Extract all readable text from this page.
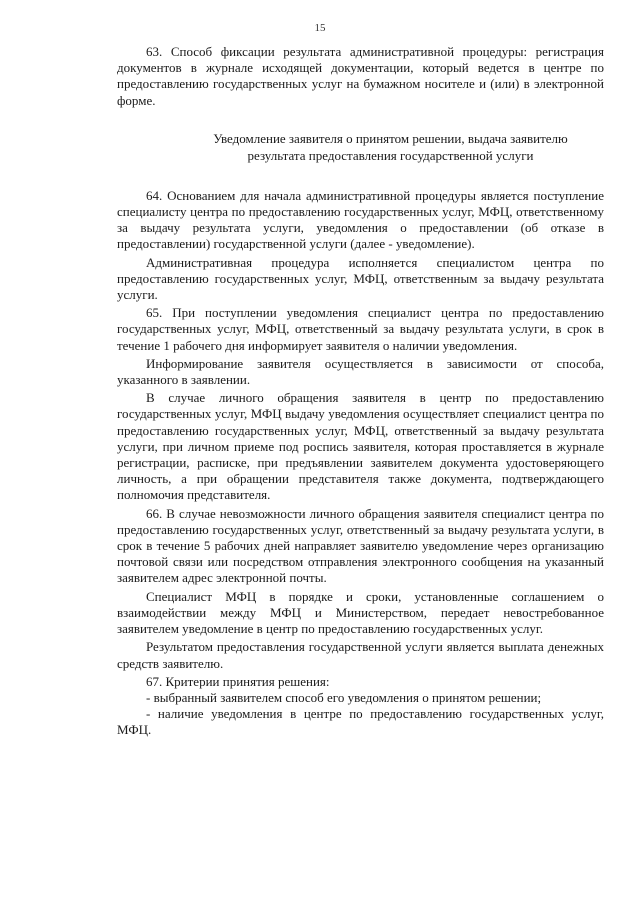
15

63. Способ фиксации результата административной процедуры: регистрация документов в журнале исходящей документации, который ведется в центре по предоставлению государственных услуг на бумажном носителе и (или) в электронной форме.

Уведомление заявителя о принятом решении, выдача заявителю
результата предоставления государственной услуги

64. Основанием для начала административной процедуры является поступление специалисту центра по предоставлению государственных услуг, МФЦ, ответственному за выдачу результата услуги, уведомления о предоставлении (об отказе в предоставлении) государственной услуги (далее - уведомление).

Административная процедура исполняется специалистом центра по предоставлению государственных услуг, МФЦ, ответственным за выдачу результата услуги.

65. При поступлении уведомления специалист центра по предоставлению государственных услуг, МФЦ, ответственный за выдачу результата услуги, в срок в течение 1 рабочего дня информирует заявителя о наличии уведомления.

Информирование заявителя осуществляется в зависимости от способа, указанного в заявлении.

В случае личного обращения заявителя в центр по предоставлению государственных услуг, МФЦ выдачу уведомления осуществляет специалист центра по предоставлению государственных услуг, МФЦ, ответственный за выдачу результата услуги, при личном приеме под роспись заявителя, которая проставляется в журнале регистрации, расписке, при предъявлении заявителем документа удостоверяющего личность, а при обращении представителя также документа, подтверждающего полномочия представителя.

66. В случае невозможности личного обращения заявителя специалист центра по предоставлению государственных услуг, ответственный за выдачу результата услуги, в срок в течение 5 рабочих дней направляет заявителю уведомление через организацию почтовой связи или посредством отправления электронного сообщения на указанный заявителем адрес электронной почты.

Специалист МФЦ в порядке и сроки, установленные соглашением о взаимодействии между МФЦ и Министерством, передает невостребованное заявителем уведомление в центр по предоставлению государственных услуг.

Результатом предоставления государственной услуги является выплата денежных средств заявителю.

67. Критерии принятия решения:

- выбранный заявителем способ его уведомления о принятом решении;

- наличие уведомления в центре по предоставлению государственных услуг, МФЦ.
